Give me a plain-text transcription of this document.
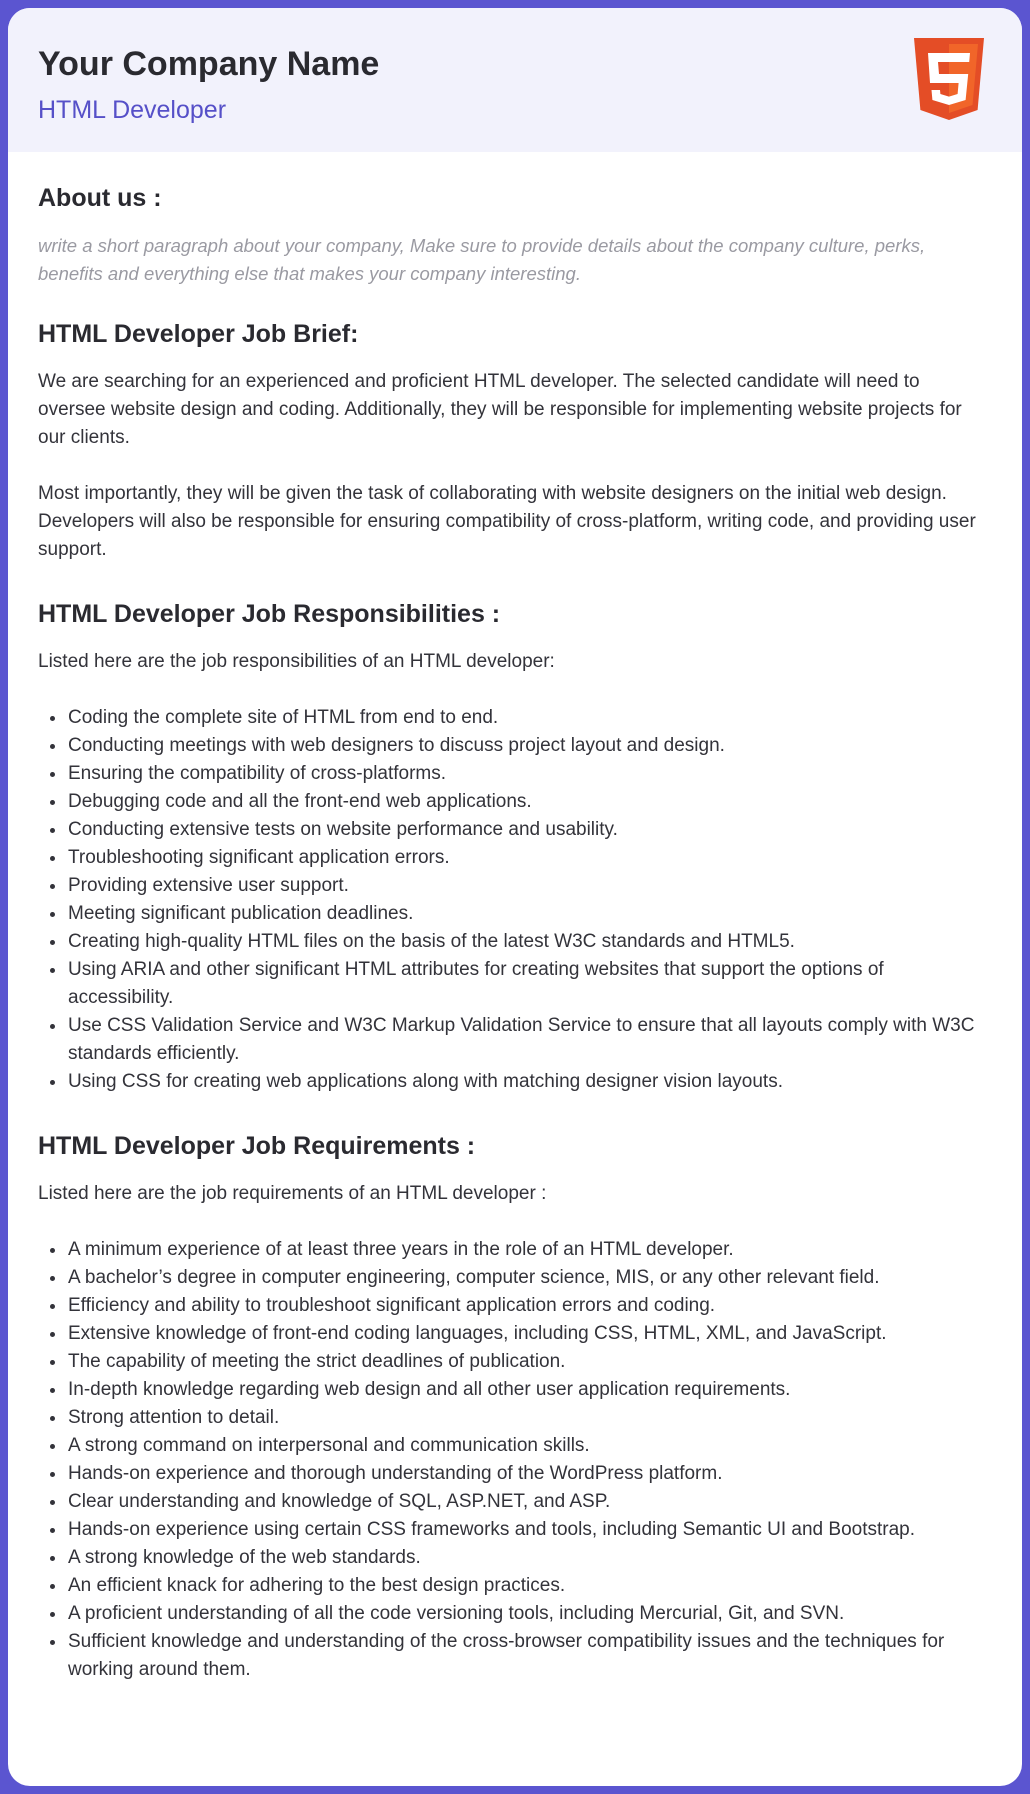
Your Company Name
HTML Developer
About us :
write a short paragraph about your company, Make sure to provide details about the company culture, perks, benefits and everything else that makes your company interesting.
HTML Developer Job Brief:

We are searching for an experienced and proficient HTML developer. The selected candidate will need to oversee website design and coding. Additionally, they will be responsible for implementing website projects for our clients.

Most importantly, they will be given the task of collaborating with website designers on the initial web design. Developers will also be responsible for ensuring compatibility of cross-platform, writing code, and providing user support.

HTML Developer Job Responsibilities :

Listed here are the job responsibilities of an HTML developer:

Coding the complete site of HTML from end to end.
Conducting meetings with web designers to discuss project layout and design.
Ensuring the compatibility of cross-platforms.
Debugging code and all the front-end web applications.
Conducting extensive tests on website performance and usability.
Troubleshooting significant application errors.
Providing extensive user support.
Meeting significant publication deadlines.
Creating high-quality HTML files on the basis of the latest W3C standards and HTML5.
Using ARIA and other significant HTML attributes for creating websites that support the options of accessibility.
Use CSS Validation Service and W3C Markup Validation Service to ensure that all layouts comply with W3C standards efficiently.
Using CSS for creating web applications along with matching designer vision layouts.
HTML Developer Job Requirements :

Listed here are the job requirements of an HTML developer :

A minimum experience of at least three years in the role of an HTML developer.
A bachelor’s degree in computer engineering, computer science, MIS, or any other relevant field.
Efficiency and ability to troubleshoot significant application errors and coding.
Extensive knowledge of front-end coding languages, including CSS, HTML, XML, and JavaScript.
The capability of meeting the strict deadlines of publication.
In-depth knowledge regarding web design and all other user application requirements.
Strong attention to detail.
A strong command on interpersonal and communication skills.
Hands-on experience and thorough understanding of the WordPress platform.
Clear understanding and knowledge of SQL, ASP.NET, and ASP.
Hands-on experience using certain CSS frameworks and tools, including Semantic UI and Bootstrap.
A strong knowledge of the web standards.
An efficient knack for adhering to the best design practices.
A proficient understanding of all the code versioning tools, including Mercurial, Git, and SVN.
Sufficient knowledge and understanding of the cross-browser compatibility issues and the techniques for working around them.
